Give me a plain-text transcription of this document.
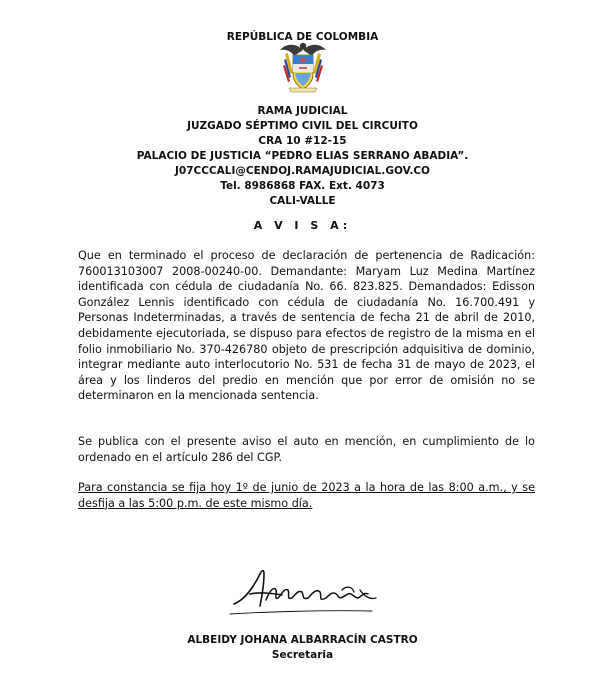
REPÚBLICA DE COLOMBIA
RAMA JUDICIAL
JUZGADO SÉPTIMO CIVIL DEL CIRCUITO
CRA 10 #12-15
PALACIO DE JUSTICIA “PEDRO ELIAS SERRANO ABADIA”.
J07CCCALI@CENDOJ.RAMAJUDICIAL.GOV.CO
Tel. 8986868 FAX. Ext. 4073
CALI-VALLE
A V I S A:

Que en terminado el proceso de declaración de pertenencia de Radicación: 760013103007 2008-00240-00. Demandante: Maryam Luz Medina Martínez identificada con cédula de ciudadanía No. 66. 823.825. Demandados: Edisson González Lennis identificado con cédula de ciudadanía No. 16.700.491 y Personas Indeterminadas, a través de sentencia de fecha 21 de abril de 2010, debidamente ejecutoriada, se dispuso para efectos de registro de la misma en el folio inmobiliario No. 370-426780 objeto de prescripción adquisitiva de dominio, integrar mediante auto interlocutorio No. 531 de fecha 31 de mayo de 2023, el área y los linderos del predio en mención que por error de omisión no se determinaron en la mencionada sentencia.

Se publica con el presente aviso el auto en mención, en cumplimiento de lo ordenado en el artículo 286 del CGP.

Para constancia se fija hoy 1º de junio de 2023 a la hora de las 8:00 a.m., y se desfija a las 5:00 p.m. de este mismo día.

ALBEIDY JOHANA ALBARRACÍN CASTRO
Secretaria
